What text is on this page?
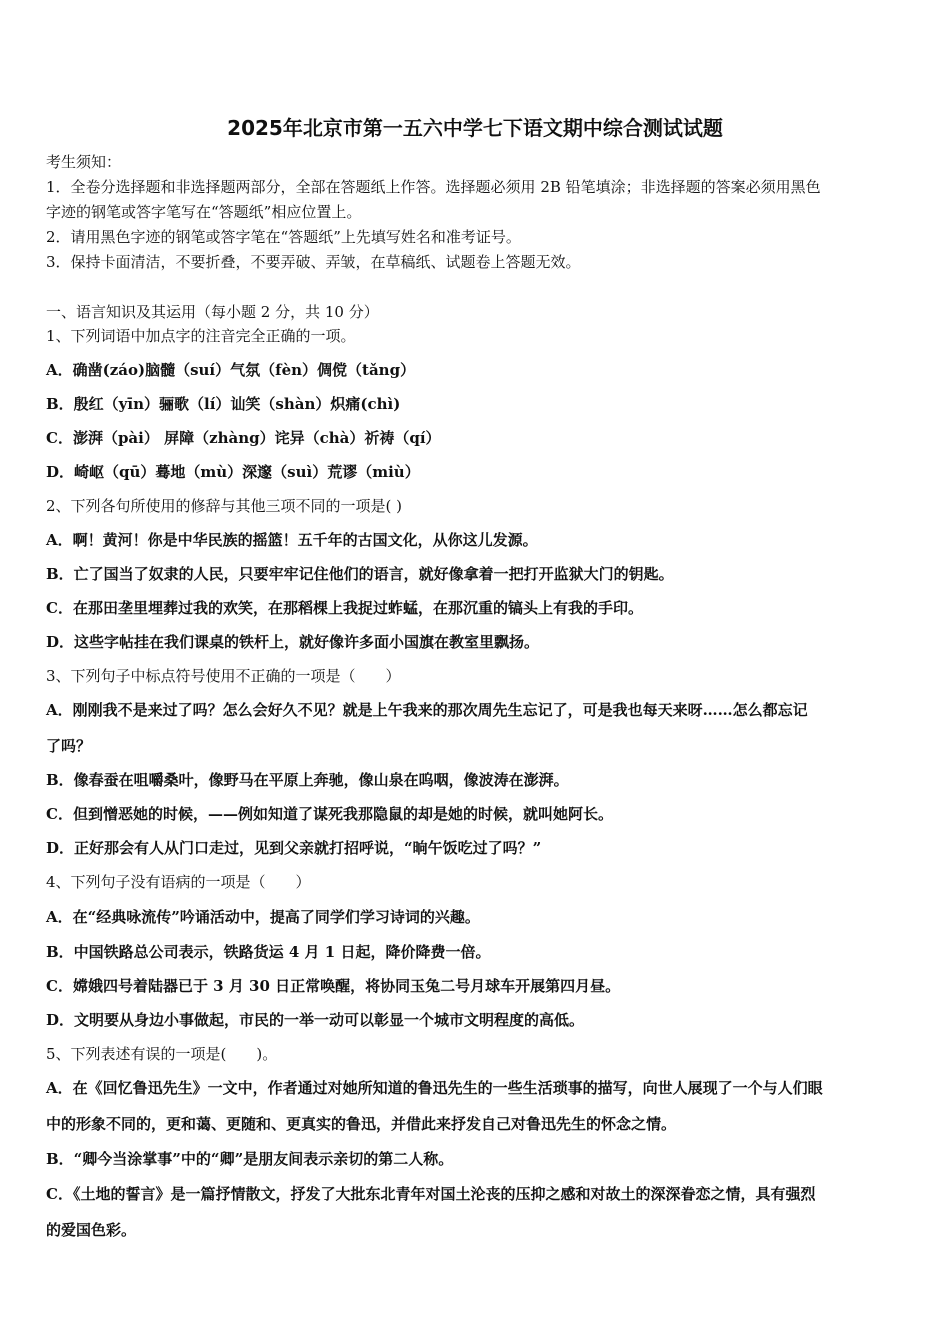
2025年北京市第一五六中学七下语文期中综合测试试题
考生须知：
1．全卷分选择题和非选择题两部分，全部在答题纸上作答。选择题必须用 2B 铅笔填涂；非选择题的答案必须用黑色
字迹的钢笔或答字笔写在“答题纸”相应位置上。
2．请用黑色字迹的钢笔或答字笔在“答题纸”上先填写姓名和准考证号。
3．保持卡面清洁，不要折叠，不要弄破、弄皱，在草稿纸、试题卷上答题无效。
一、语言知识及其运用（每小题 2 分，共 10 分）
1、下列词语中加点字的注音完全正确的一项。
A．确凿(záo)脑髓（suí）气氛（fèn）倜傥（tǎng）
B．殷红（yīn）骊歌（lí）讪笑（shàn）炽痛(chì)
C．澎湃（pài） 屏障（zhàng）诧异（chà）祈祷（qí）
D．崎岖（qū）蓦地（mù）深邃（suì）荒谬（miù）
2、下列各句所使用的修辞与其他三项不同的一项是( )
A．啊！黄河！你是中华民族的摇篮！五千年的古国文化，从你这儿发源。
B．亡了国当了奴隶的人民，只要牢牢记住他们的语言，就好像拿着一把打开监狱大门的钥匙。
C．在那田垄里埋葬过我的欢笑，在那稻棵上我捉过蚱蜢，在那沉重的镐头上有我的手印。
D．这些字帖挂在我们课桌的铁杆上，就好像许多面小国旗在教室里飘扬。
3、下列句子中标点符号使用不正确的一项是（　　）
A．刚刚我不是来过了吗？怎么会好久不见？就是上午我来的那次周先生忘记了，可是我也每天来呀……怎么都忘记
了吗？
B．像春蚕在咀嚼桑叶，像野马在平原上奔驰，像山泉在呜咽，像波涛在澎湃。
C．但到憎恶她的时候，——例如知道了谋死我那隐鼠的却是她的时候，就叫她阿长。
D．正好那会有人从门口走过，见到父亲就打招呼说，“晌午饭吃过了吗？”
4、下列句子没有语病的一项是（　　）
A．在“经典咏流传”吟诵活动中，提高了同学们学习诗词的兴趣。
B．中国铁路总公司表示，铁路货运 4 月 1 日起，降价降费一倍。
C．嫦娥四号着陆器已于 3 月 30 日正常唤醒，将协同玉兔二号月球车开展第四月昼。
D．文明要从身边小事做起，市民的一举一动可以彰显一个城市文明程度的高低。
5、下列表述有误的一项是(　　)。
A．在《回忆鲁迅先生》一文中，作者通过对她所知道的鲁迅先生的一些生活琐事的描写，向世人展现了一个与人们眼
中的形象不同的，更和蔼、更随和、更真实的鲁迅，并借此来抒发自己对鲁迅先生的怀念之情。
B．“卿今当涂掌事”中的“卿”是朋友间表示亲切的第二人称。
C．《土地的誓言》是一篇抒情散文，抒发了大批东北青年对国土沦丧的压抑之感和对故土的深深眷恋之情，具有强烈
的爱国色彩。
